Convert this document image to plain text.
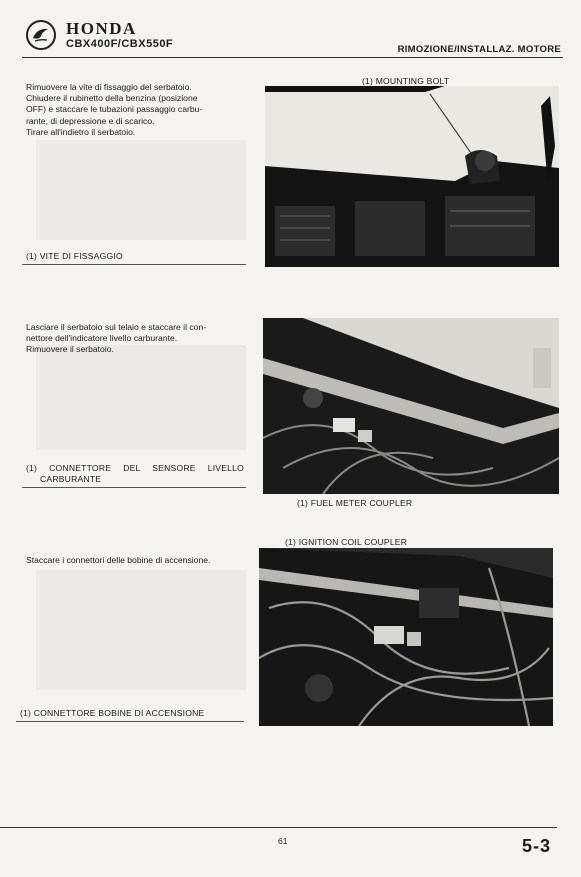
HONDA
CBX400F/CBX550F	RIMOZIONE/INSTALLAZ. MOTORE

Rimuovere la vite di fissaggio del serbatoio.
Chiudere il rubinetto della benzina (posizione
OFF) e staccare le tubazioni passaggio carbu-
rante, di depressione e di scarico.
Tirare all'indietro il serbatoio.

(1) VITE DI FISSAGGIO
(1) MOUNTING BOLT

Lasciare il serbatoio sul telaio e staccare il con-
nettore dell'indicatore livello carburante.
Rimuovere il serbatoio.

(1) CONNETTORE DEL SENSORE LIVELLO
CARBURANTE
(1) FUEL METER COUPLER

Staccare i connettori delle bobine di accensione.

(1) CONNETTORE BOBINE DI ACCENSIONE
(1) IGNITION COIL COUPLER
61	5-3
